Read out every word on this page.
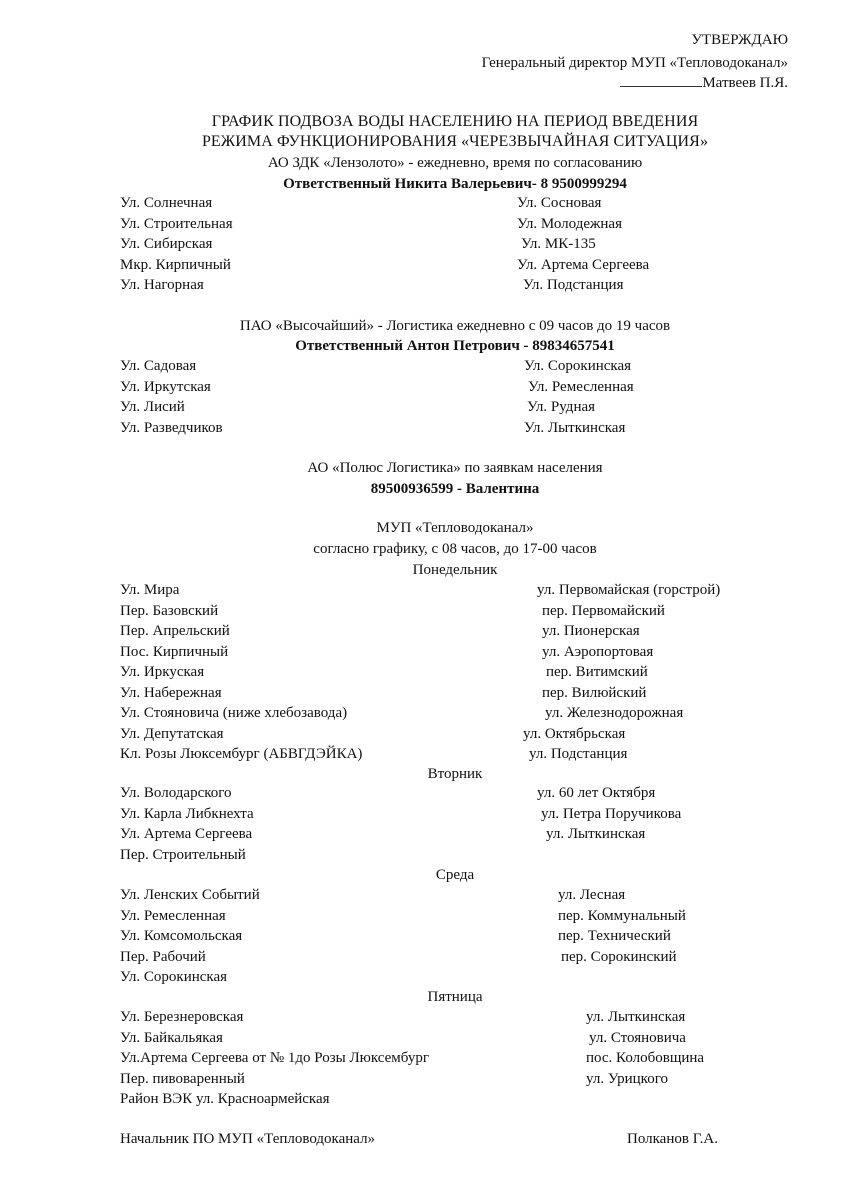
УТВЕРЖДАЮ
Генеральный директор МУП «Тепловодоканал»
Матвеев П.Я.
ГРАФИК ПОДВОЗА ВОДЫ НАСЕЛЕНИЮ НА ПЕРИОД ВВЕДЕНИЯ
РЕЖИМА ФУНКЦИОНИРОВАНИЯ «ЧЕРЕЗВЫЧАЙНАЯ СИТУАЦИЯ»
АО ЗДК «Лензолото» - ежедневно, время по согласованию
Ответственный Никита Валерьевич- 8 9500999294
Ул. Солнечная
Ул. Строительная
Ул. Сибирская
Мкр. Кирпичный
Ул. Нагорная
Ул. Сосновая
Ул. Молодежная
Ул. МК-135
Ул. Артема Сергеева
Ул. Подстанция
ПАО «Высочайший» - Логистика ежедневно с 09 часов до 19 часов
Ответственный Антон Петрович - 89834657541
Ул. Садовая
Ул. Иркутская
Ул. Лисий
Ул. Разведчиков
Ул. Сорокинская
Ул. Ремесленная
Ул. Рудная
Ул. Лыткинская
АО «Полюс Логистика» по заявкам населения
89500936599 - Валентина
МУП «Тепловодоканал»
согласно графику, с 08 часов, до 17-00 часов
Понедельник
Ул. Мира
Пер. Базовский
Пер. Апрельский
Пос. Кирпичный
Ул. Иркуская
Ул. Набережная
Ул. Стояновича (ниже хлебозавода)
Ул. Депутатская
Кл. Розы Люксембург (АБВГДЭЙКА)
ул. Первомайская (горстрой)
пер. Первомайский
ул. Пионерская
ул. Аэропортовая
пер. Витимский
пер. Вилюйский
ул. Железнодорожная
ул. Октябрьская
ул. Подстанция
Вторник
Ул. Володарского
Ул. Карла Либкнехта
Ул. Артема Сергеева
Пер. Строительный
ул. 60 лет Октября
ул. Петра Поручикова
ул. Лыткинская
Среда
Ул. Ленских Событий
Ул. Ремесленная
Ул. Комсомольская
Пер. Рабочий
Ул. Сорокинская
ул. Лесная
пер. Коммунальный
пер. Технический
пер. Сорокинский
Пятница
Ул. Березнеровская
Ул. Байкальякая
Ул.Артема Сергеева от № 1до Розы Люксембург
Пер. пивоваренный
Район ВЭК ул. Красноармейская
ул. Лыткинская
ул. Стояновича
пос. Колобовщина
ул. Урицкого
Начальник ПО МУП «Тепловодоканал»	Полканов Г.А.
